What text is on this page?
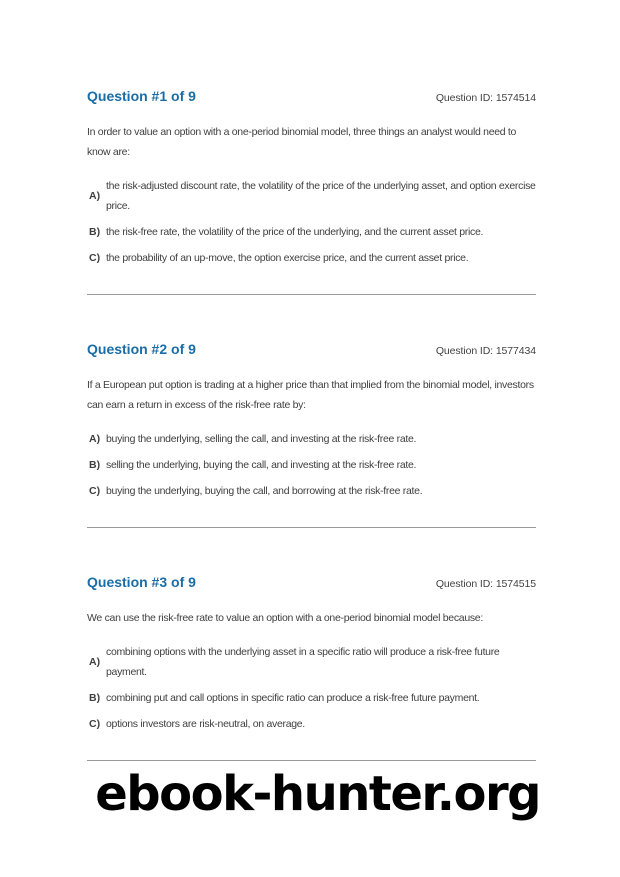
Question #1 of 9	Question ID: 1574514

In order to value an option with a one-period binomial model, three things an analyst would need to know are:

A)
the risk-adjusted discount rate, the volatility of the price of the underlying asset, and option exercise price.
B) the risk-free rate, the volatility of the price of the underlying, and the current asset price.
C) the probability of an up-move, the option exercise price, and the current asset price.
Question #2 of 9	Question ID: 1577434

If a European put option is trading at a higher price than that implied from the binomial model, investors can earn a return in excess of the risk-free rate by:

A) buying the underlying, selling the call, and investing at the risk-free rate.
B) selling the underlying, buying the call, and investing at the risk-free rate.
C) buying the underlying, buying the call, and borrowing at the risk-free rate.
Question #3 of 9	Question ID: 1574515

We can use the risk-free rate to value an option with a one-period binomial model because:

A)
combining options with the underlying asset in a specific ratio will produce a risk-free future payment.
B) combining put and call options in specific ratio can produce a risk-free future payment.
C) options investors are risk-neutral, on average.
ebook-hunter.org
